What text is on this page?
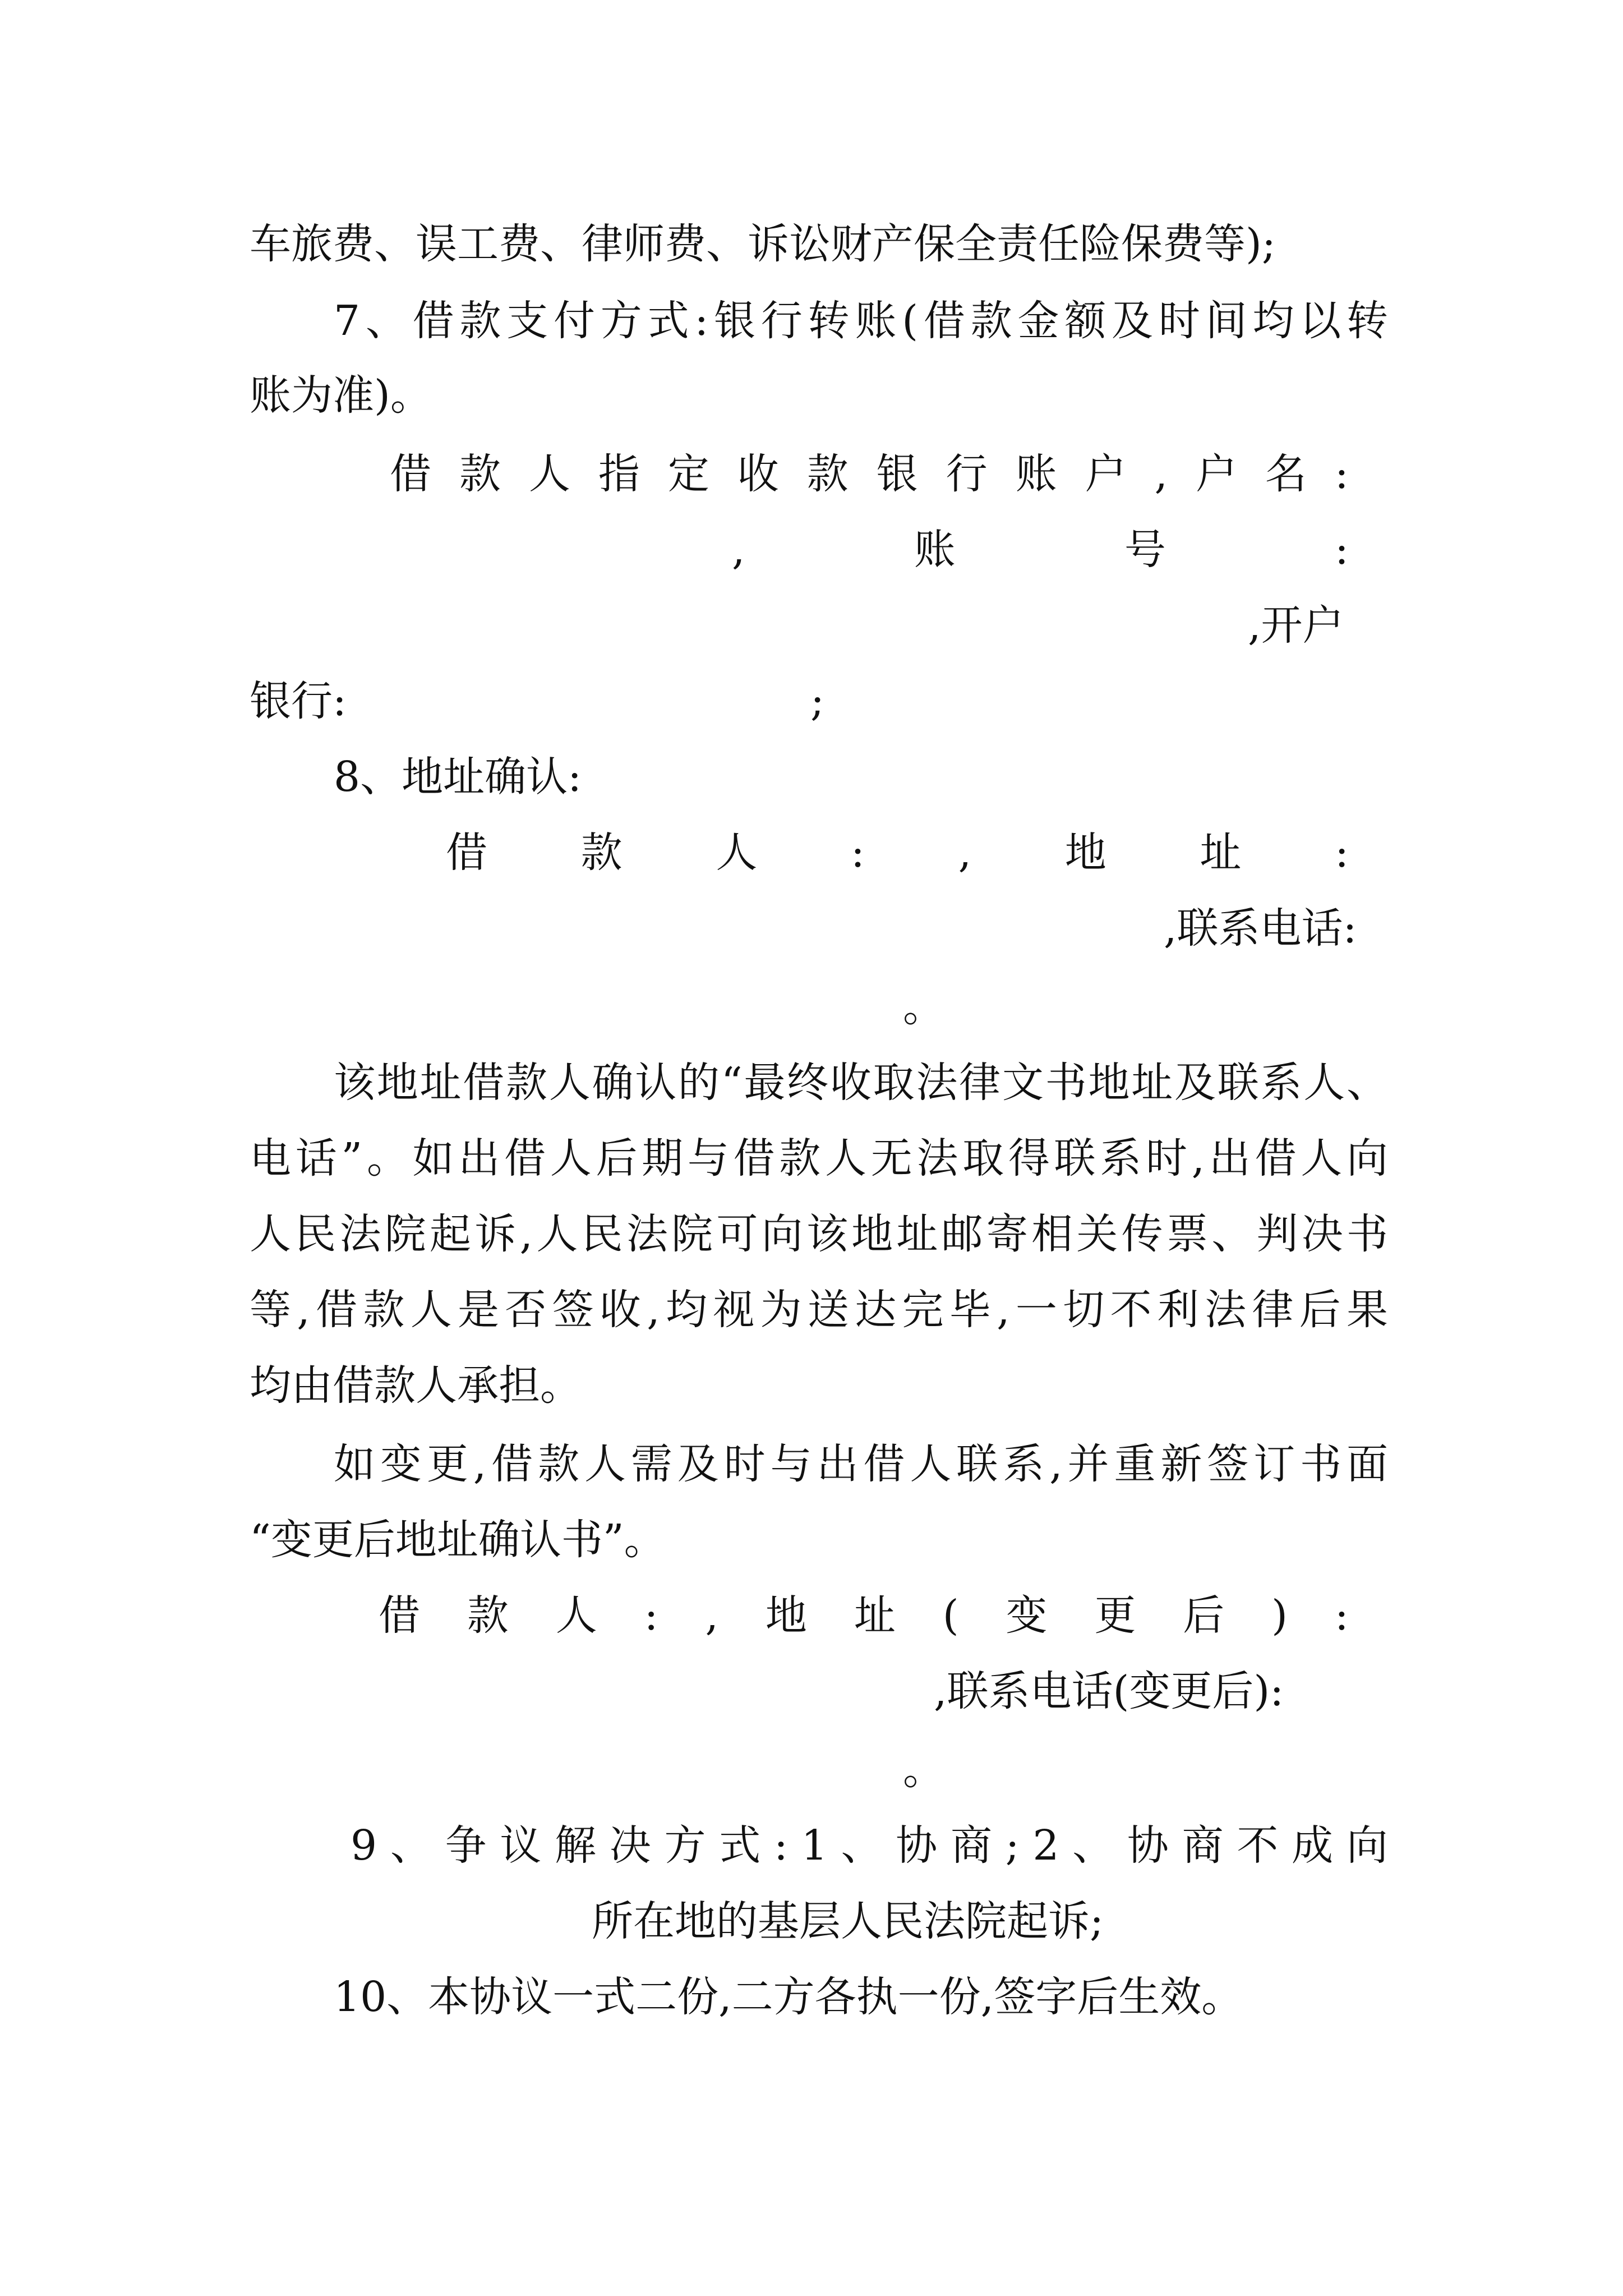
车旅费、误工费、律师费、诉讼财产保全责任险保费等);
7、借款支付方式:银行转账(借款金额及时间均以转
账为准)。
借 款 人 指 定 收 款 银 行 账 户 , 户 名 :
,	账	号	:
,开户
银行:	;
8、地址确认:
借 款 人 : , 地 址 :
,联系电话:
。
该地址借款人确认的“最终收取法律文书地址及联系人、
电话”。如出借人后期与借款人无法取得联系时,出借人向
人民法院起诉,人民法院可向该地址邮寄相关传票、判决书
等,借款人是否签收,均视为送达完毕,一切不利法律后果
均由借款人承担。
如变更,借款人需及时与出借人联系,并重新签订书面
“变更后地址确认书”。
借 款 人 : , 地 址 ( 变 更 后 ) :
,联系电话(变更后):
。
9 、 争 议 解 决 方 式 : 1 、 协 商 ; 2 、 协 商 不 成 向
所在地的基层人民法院起诉;
10、本协议一式二份,二方各执一份,签字后生效。
